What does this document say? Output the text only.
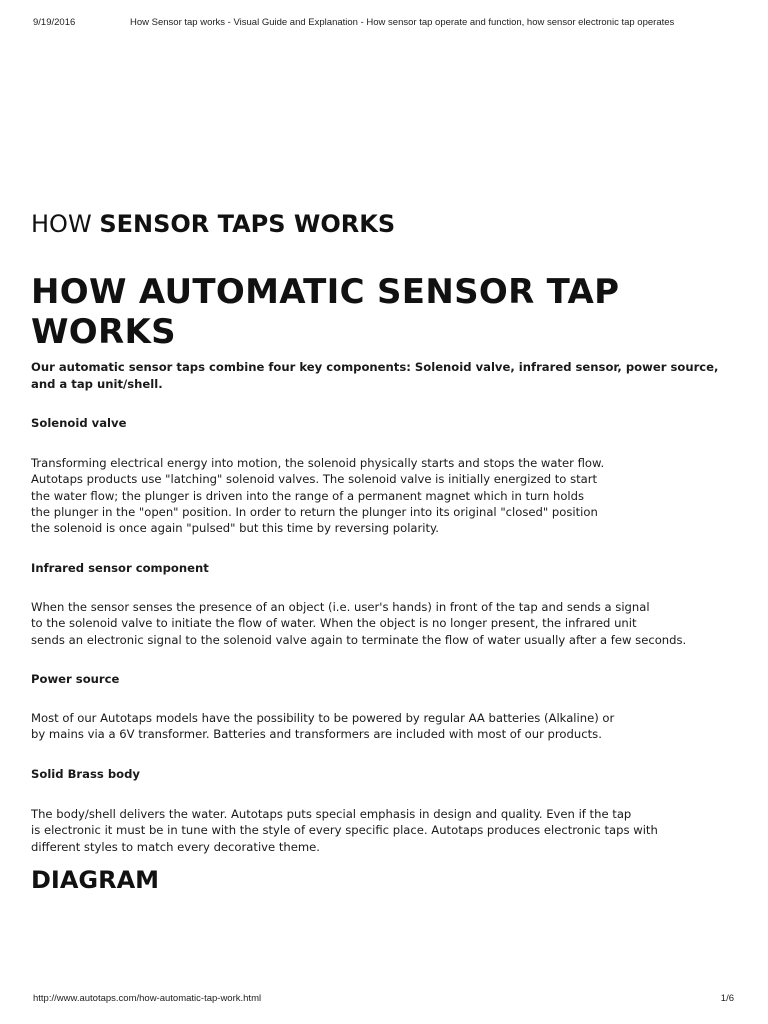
9/19/2016	How Sensor tap works - Visual Guide and Explanation - How sensor tap operate and function, how sensor electronic tap operates
HOW SENSOR TAPS WORKS
HOW AUTOMATIC SENSOR TAP WORKS

Our automatic sensor taps combine four key components: Solenoid valve, infrared sensor, power source, and a tap unit/shell.

Solenoid valve

Transforming electrical energy into motion, the solenoid physically starts and stops the water flow.
Autotaps products use "latching" solenoid valves. The solenoid valve is initially energized to start
the water flow; the plunger is driven into the range of a permanent magnet which in turn holds
the plunger in the "open" position. In order to return the plunger into its original "closed" position
the solenoid is once again "pulsed" but this time by reversing polarity.

Infrared sensor component

When the sensor senses the presence of an object (i.e. user's hands) in front of the tap and sends a signal
to the solenoid valve to initiate the flow of water. When the object is no longer present, the infrared unit
sends an electronic signal to the solenoid valve again to terminate the flow of water usually after a few seconds.

Power source

Most of our Autotaps models have the possibility to be powered by regular AA batteries (Alkaline) or
by mains via a 6V transformer. Batteries and transformers are included with most of our products.

Solid Brass body

The body/shell delivers the water. Autotaps puts special emphasis in design and quality. Even if the tap
is electronic it must be in tune with the style of every specific place. Autotaps produces electronic taps with
different styles to match every decorative theme.

DIAGRAM
http://www.autotaps.com/how-automatic-tap-work.html	1/6
